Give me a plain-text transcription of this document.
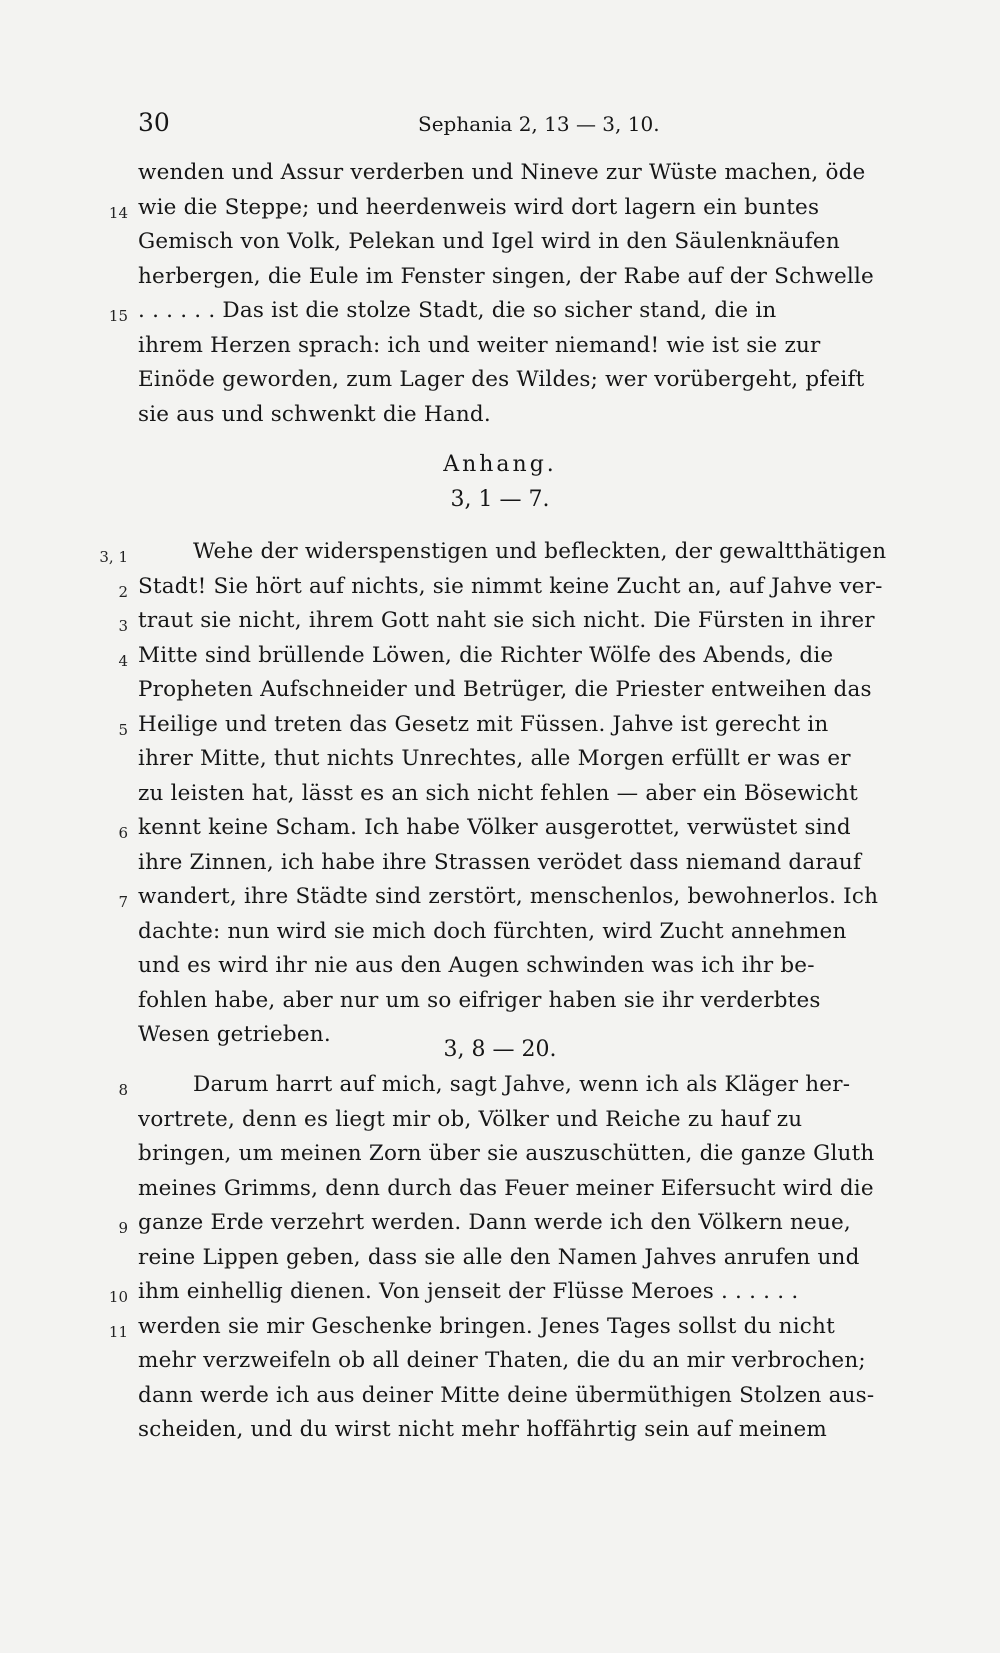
30	Sephania 2, 13 — 3, 10.
wenden und Assur verderben und Nineve zur Wüste machen, öde
14 wie die Steppe; und heerdenweis wird dort lagern ein buntes
Gemisch von Volk, Pelekan und Igel wird in den Säulenknäufen
herbergen, die Eule im Fenster singen, der Rabe auf der Schwelle
15 . . . . . . Das ist die stolze Stadt, die so sicher stand, die in
ihrem Herzen sprach: ich und weiter niemand! wie ist sie zur
Einöde geworden, zum Lager des Wildes; wer vorübergeht, pfeift
sie aus und schwenkt die Hand.
Anhang.
3, 1 — 7.
3, 1	Wehe der widerspenstigen und befleckten, der gewaltthätigen
2 Stadt! Sie hört auf nichts, sie nimmt keine Zucht an, auf Jahve ver-
3 traut sie nicht, ihrem Gott naht sie sich nicht. Die Fürsten in ihrer
4 Mitte sind brüllende Löwen, die Richter Wölfe des Abends, die
Propheten Aufschneider und Betrüger, die Priester entweihen das
5 Heilige und treten das Gesetz mit Füssen. Jahve ist gerecht in
ihrer Mitte, thut nichts Unrechtes, alle Morgen erfüllt er was er
zu leisten hat, lässt es an sich nicht fehlen — aber ein Bösewicht
6 kennt keine Scham. Ich habe Völker ausgerottet, verwüstet sind
ihre Zinnen, ich habe ihre Strassen verödet dass niemand darauf
7 wandert, ihre Städte sind zerstört, menschenlos, bewohnerlos. Ich
dachte: nun wird sie mich doch fürchten, wird Zucht annehmen
und es wird ihr nie aus den Augen schwinden was ich ihr be-
fohlen habe, aber nur um so eifriger haben sie ihr verderbtes
Wesen getrieben.
3, 8 — 20.
8	Darum harrt auf mich, sagt Jahve, wenn ich als Kläger her-
vortrete, denn es liegt mir ob, Völker und Reiche zu hauf zu
bringen, um meinen Zorn über sie auszuschütten, die ganze Gluth
meines Grimms, denn durch das Feuer meiner Eifersucht wird die
9 ganze Erde verzehrt werden. Dann werde ich den Völkern neue,
reine Lippen geben, dass sie alle den Namen Jahves anrufen und
10 ihm einhellig dienen. Von jenseit der Flüsse Meroes . . . . . .
11 werden sie mir Geschenke bringen. Jenes Tages sollst du nicht
mehr verzweifeln ob all deiner Thaten, die du an mir verbrochen;
dann werde ich aus deiner Mitte deine übermüthigen Stolzen aus-
scheiden, und du wirst nicht mehr hoffährtig sein auf meinem
